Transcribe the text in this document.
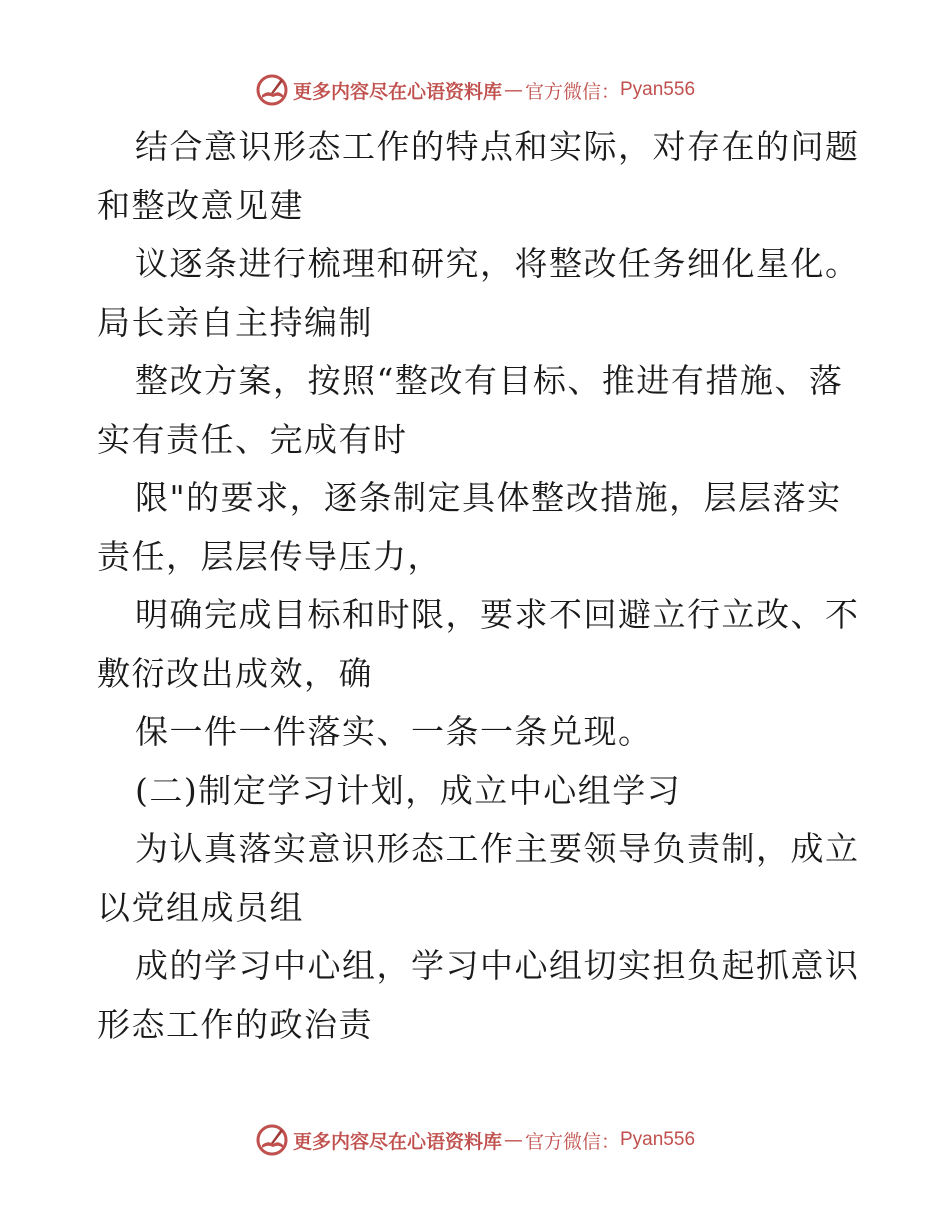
更多内容尽在心语资料库 — 官方微信： Pyan556
结合意识形态工作的特点和实际，对存在的问题
和整改意见建
议逐条进行梳理和研究，将整改任务细化星化。
局长亲自主持编制
整改方案，按照“整改有目标、推进有措施、落
实有责任、完成有时
限"的要求，逐条制定具体整改措施，层层落实
责任，层层传导压力，
明确完成目标和时限，要求不回避立行立改、不
敷衍改出成效，确
保一件一件落实、一条一条兑现。
(二)制定学习计划，成立中心组学习
为认真落实意识形态工作主要领导负责制，成立
以党组成员组
成的学习中心组，学习中心组切实担负起抓意识
形态工作的政治责
更多内容尽在心语资料库 — 官方微信： Pyan556
